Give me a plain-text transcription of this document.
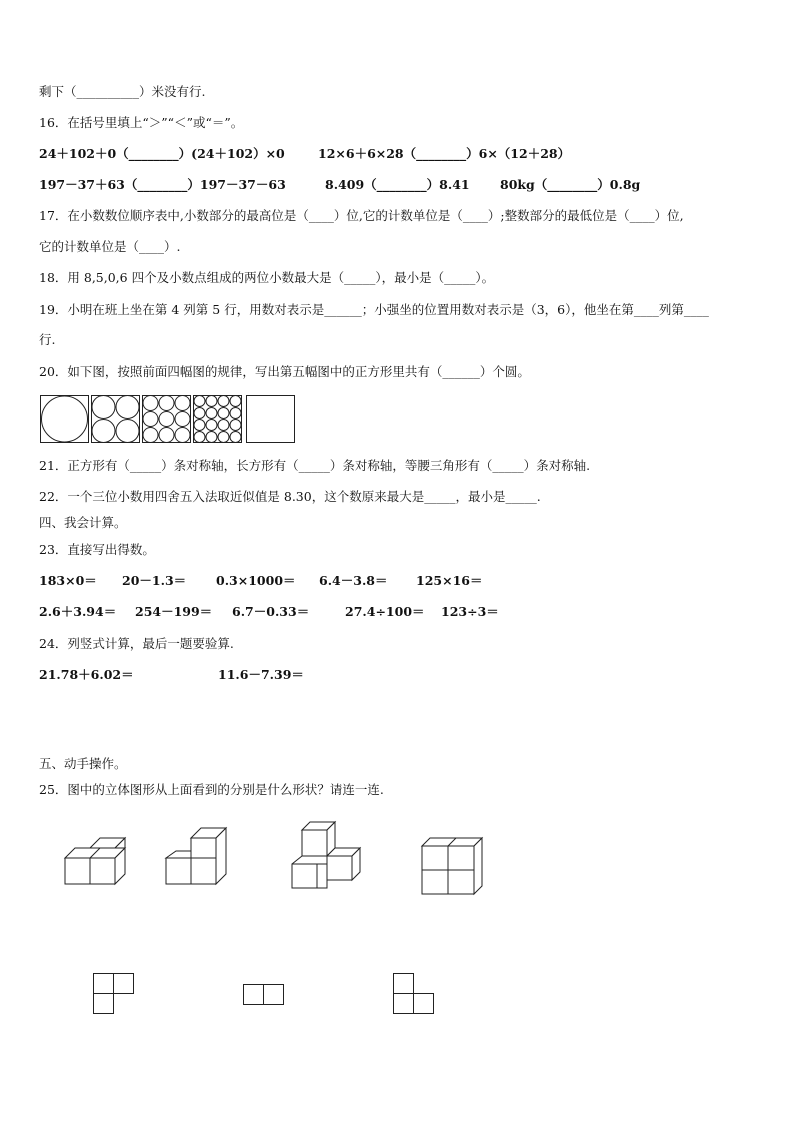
剩下（__________）米没有行.
16．在括号里填上“＞”“＜”或“＝”。
24＋102＋0（________）(24＋102）×0	12×6＋6×28（________）6×（12＋28）
197－37＋63（________）197－37－63	8.409（________）8.41 80kg（________）0.8g
17．在小数数位顺序表中,小数部分的最高位是（____）位,它的计数单位是（____）;整数部分的最低位是（____）位,
它的计数单位是（____）.
18．用 8,5,0,6 四个及小数点组成的两位小数最大是（_____），最小是（_____）。
19．小明在班上坐在第 4 列第 5 行，用数对表示是______；小强坐的位置用数对表示是（3，6），他坐在第____列第____
行.
20．如下图，按照前面四幅图的规律，写出第五幅图中的正方形里共有（______）个圆。
21．正方形有（_____）条对称轴，长方形有（_____）条对称轴，等腰三角形有（_____）条对称轴.
22．一个三位小数用四舍五入法取近似值是 8.30，这个数原来最大是_____，最小是_____.
四、我会计算。
23．直接写出得数。
183×0＝ 20－1.3＝ 0.3×1000＝ 6.4－3.8＝ 125×16＝
2.6＋3.94＝ 254－199＝ 6.7－0.33＝	27.4÷100＝ 123÷3＝
24．列竖式计算，最后一题要验算.
21.78＋6.02＝	11.6－7.39＝
五、动手操作。
25．图中的立体图形从上面看到的分别是什么形状？请连一连.
